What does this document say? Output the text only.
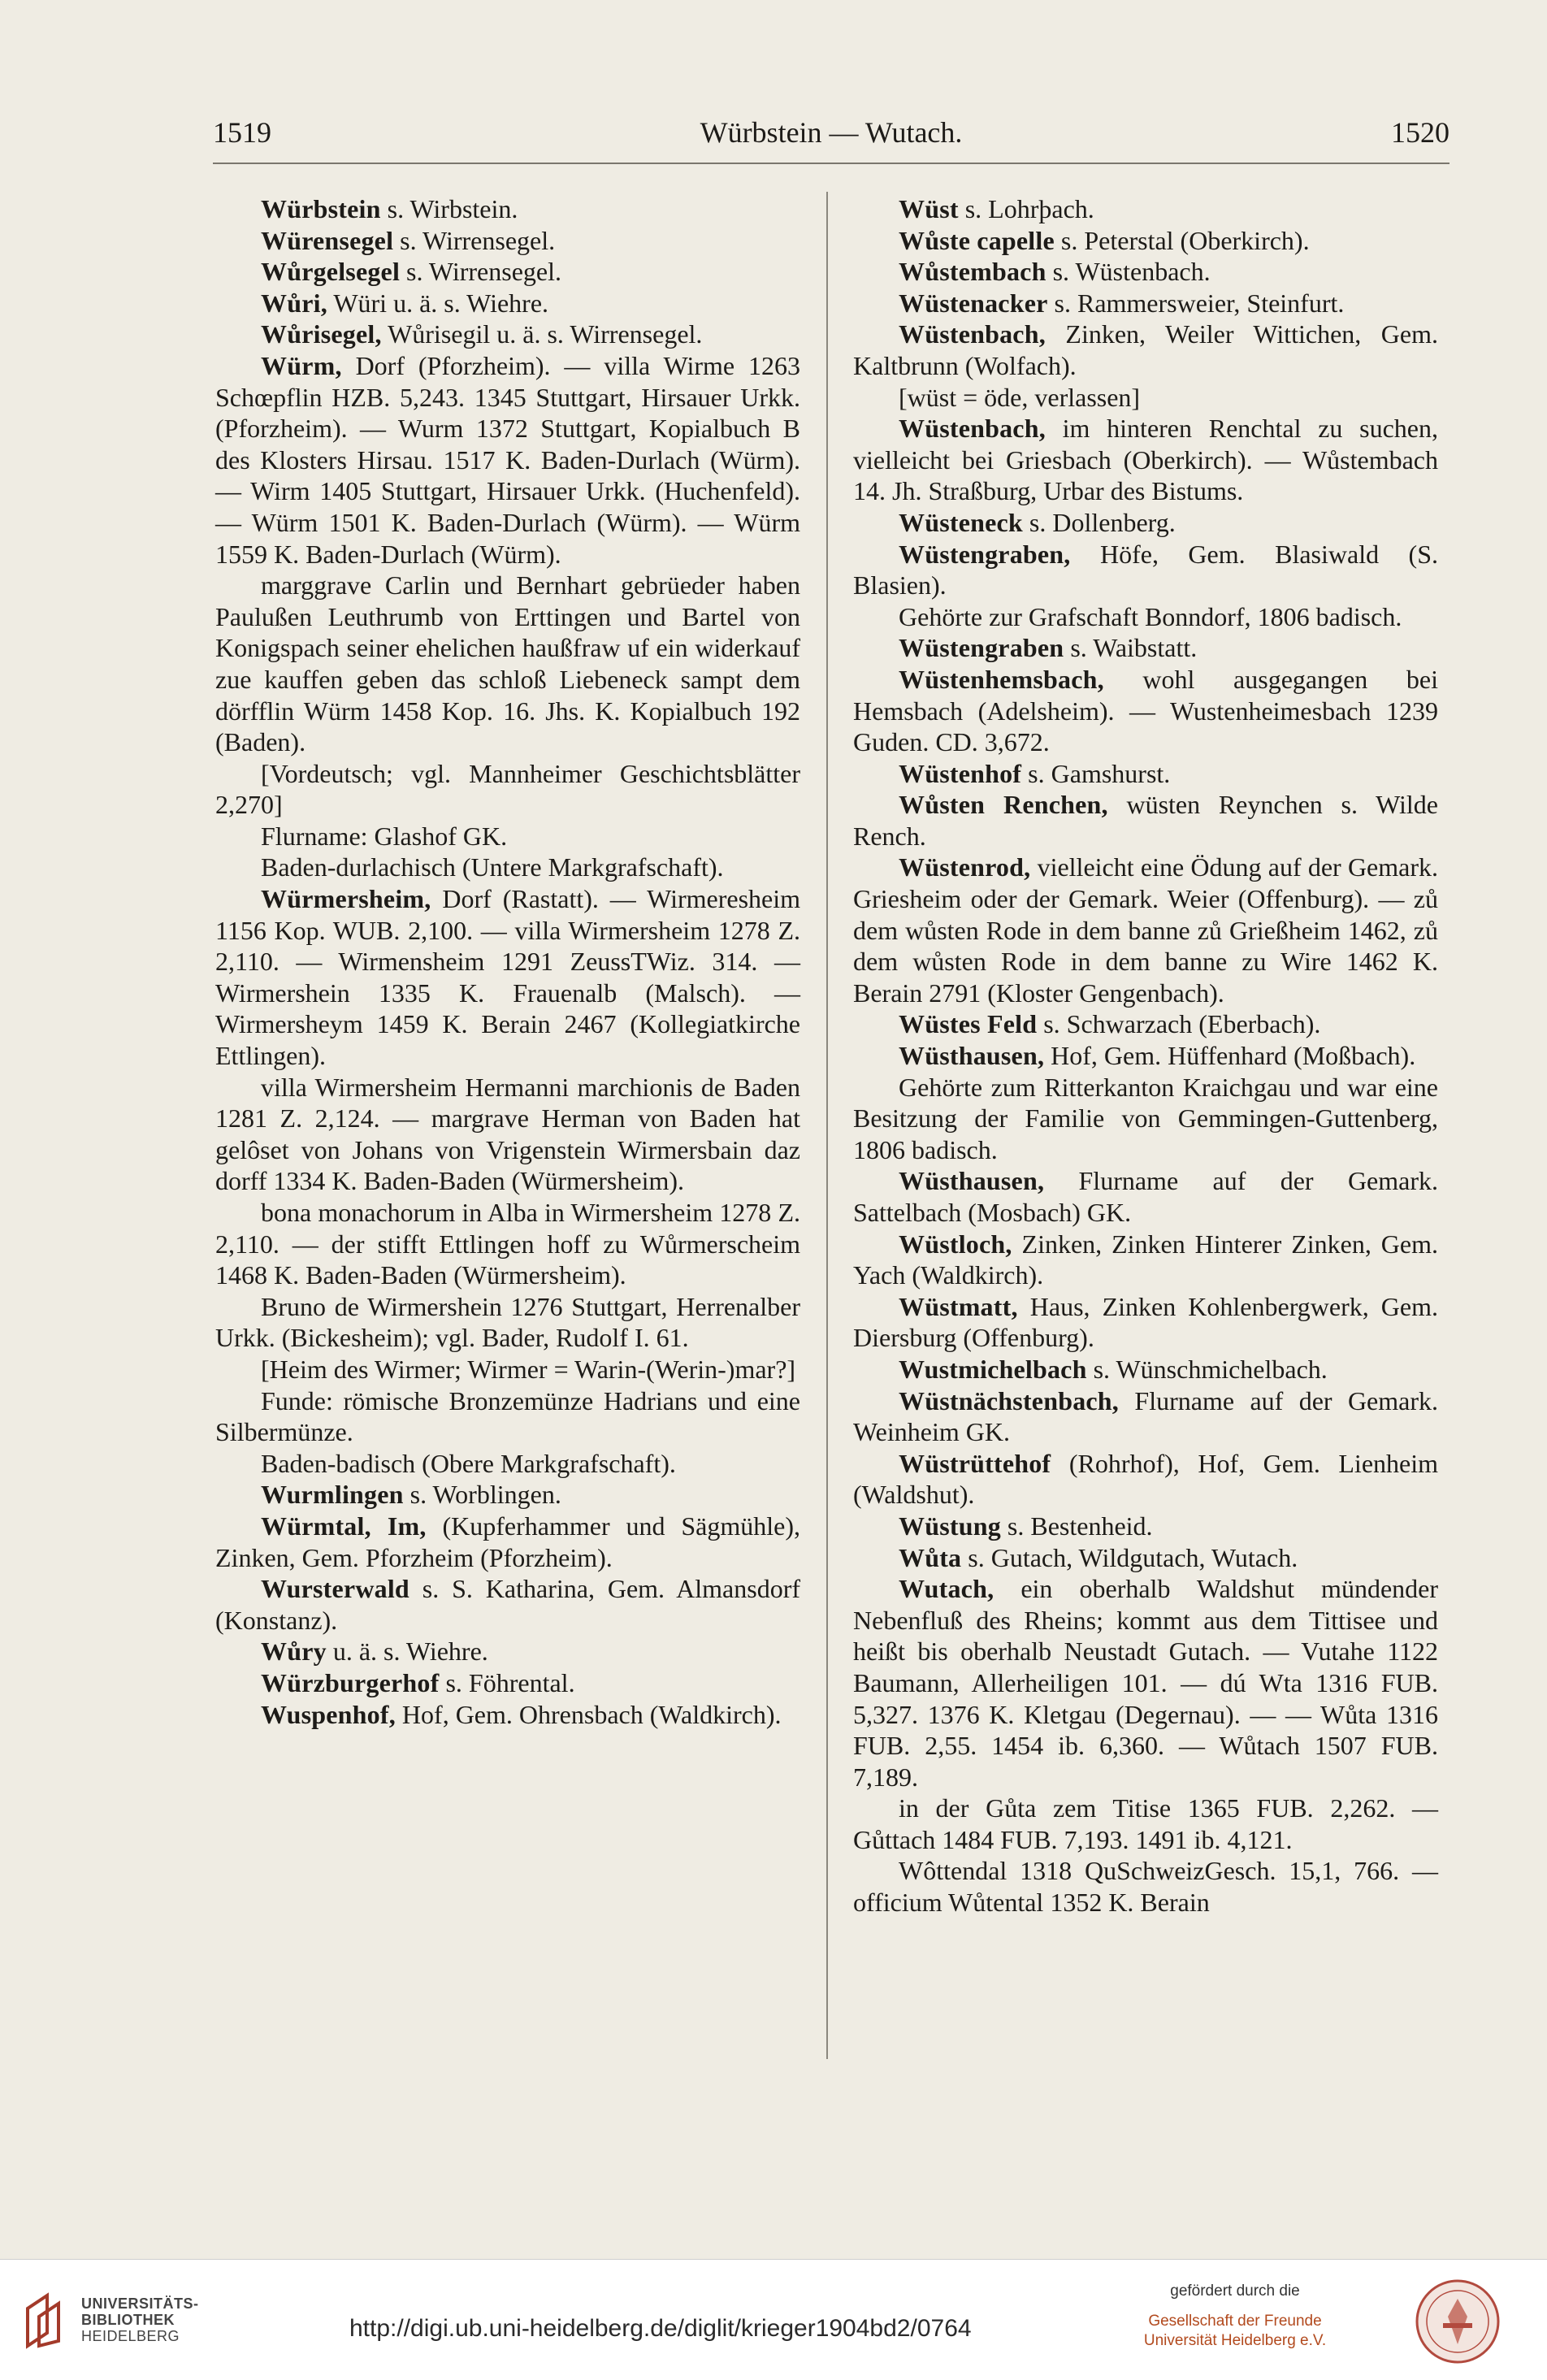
1519	Würbstein — Wutach.	1520

Würbstein s. Wirbstein.

Würensegel s. Wirrensegel.

Wůrgelsegel s. Wirrensegel.

Wůri, Würi u. ä. s. Wiehre.

Wůrisegel, Wůrisegil u. ä. s. Wirrensegel.

Würm, Dorf (Pforzheim). — villa Wirme 1263 Schœpflin HZB. 5,243. 1345 Stuttgart, Hirsauer Urkk. (Pforzheim). — Wurm 1372 Stuttgart, Kopialbuch B des Klosters Hirsau. 1517 K. Baden-Durlach (Würm). — Wirm 1405 Stuttgart, Hirsauer Urkk. (Huchenfeld). — Würm 1501 K. Baden-Durlach (Würm). — Würm 1559 K. Baden-Durlach (Würm).

marggrave Carlin und Bernhart gebrüeder haben Paulußen Leuthrumb von Erttingen und Bartel von Konigspach seiner ehelichen haußfraw uf ein widerkauf zue kauffen geben das schloß Liebeneck sampt dem dörfflin Würm 1458 Kop. 16. Jhs. K. Kopialbuch 192 (Baden).

[Vordeutsch; vgl. Mannheimer Geschichtsblätter 2,270]

Flurname: Glashof GK.

Baden-durlachisch (Untere Markgrafschaft).

Würmersheim, Dorf (Rastatt). — Wirmeresheim 1156 Kop. WUB. 2,100. — villa Wirmersheim 1278 Z. 2,110. — Wirmensheim 1291 ZeussTWiz. 314. — Wirmershein 1335 K. Frauenalb (Malsch). — Wirmersheym 1459 K. Berain 2467 (Kollegiatkirche Ettlingen).

villa Wirmersheim Hermanni marchionis de Baden 1281 Z. 2,124. — margrave Herman von Baden hat gelôset von Johans von Vrigenstein Wirmersbain daz dorff 1334 K. Baden-Baden (Würmersheim).

bona monachorum in Alba in Wirmersheim 1278 Z. 2,110. — der stifft Ettlingen hoff zu Wůrmerscheim 1468 K. Baden-Baden (Würmersheim).

Bruno de Wirmershein 1276 Stuttgart, Herrenalber Urkk. (Bickesheim); vgl. Bader, Rudolf I. 61.

[Heim des Wirmer; Wirmer = Warin-(Werin-)mar?]

Funde: römische Bronzemünze Hadrians und eine Silbermünze.

Baden-badisch (Obere Markgrafschaft).

Wurmlingen s. Worblingen.

Würmtal, Im, (Kupferhammer und Sägmühle), Zinken, Gem. Pforzheim (Pforzheim).

Wursterwald s. S. Katharina, Gem. Almansdorf (Konstanz).

Wůry u. ä. s. Wiehre.

Würzburgerhof s. Föhrental.

Wuspenhof, Hof, Gem. Ohrensbach (Waldkirch).

Wüst s. Lohrþach.

Wůste capelle s. Peterstal (Oberkirch).

Wůstembach s. Wüstenbach.

Wüstenacker s. Rammersweier, Steinfurt.

Wüstenbach, Zinken, Weiler Wittichen, Gem. Kaltbrunn (Wolfach).

[wüst = öde, verlassen]

Wüstenbach, im hinteren Renchtal zu suchen, vielleicht bei Griesbach (Oberkirch). — Wůstembach 14. Jh. Straßburg, Urbar des Bistums.

Wüsteneck s. Dollenberg.

Wüstengraben, Höfe, Gem. Blasiwald (S. Blasien).

Gehörte zur Grafschaft Bonndorf, 1806 badisch.

Wüstengraben s. Waibstatt.

Wüstenhemsbach, wohl ausgegangen bei Hemsbach (Adelsheim). — Wustenheimesbach 1239 Guden. CD. 3,672.

Wüstenhof s. Gamshurst.

Wůsten Renchen, wüsten Reynchen s. Wilde Rench.

Wüstenrod, vielleicht eine Ödung auf der Gemark. Griesheim oder der Gemark. Weier (Offenburg). — zů dem wůsten Rode in dem banne zů Grießheim 1462, zů dem wůsten Rode in dem banne zu Wire 1462 K. Berain 2791 (Kloster Gengenbach).

Wüstes Feld s. Schwarzach (Eberbach).

Wüsthausen, Hof, Gem. Hüffenhard (Moßbach).

Gehörte zum Ritterkanton Kraichgau und war eine Besitzung der Familie von Gemmingen-Guttenberg, 1806 badisch.

Wüsthausen, Flurname auf der Gemark. Sattelbach (Mosbach) GK.

Wüstloch, Zinken, Zinken Hinterer Zinken, Gem. Yach (Waldkirch).

Wüstmatt, Haus, Zinken Kohlenbergwerk, Gem. Diersburg (Offenburg).

Wustmichelbach s. Wünschmichelbach.

Wüstnächstenbach, Flurname auf der Gemark. Weinheim GK.

Wüstrüttehof (Rohrhof), Hof, Gem. Lienheim (Waldshut).

Wüstung s. Bestenheid.

Wůta s. Gutach, Wildgutach, Wutach.

Wutach, ein oberhalb Waldshut mündender Nebenfluß des Rheins; kommt aus dem Tittisee und heißt bis oberhalb Neustadt Gutach. — Vutahe 1122 Baumann, Allerheiligen 101. — dú Wta 1316 FUB. 5,327. 1376 K. Kletgau (Degernau). — — Wůta 1316 FUB. 2,55. 1454 ib. 6,360. — Wůtach 1507 FUB. 7,189.

in der Gůta zem Titise 1365 FUB. 2,262. — Gůttach 1484 FUB. 7,193. 1491 ib. 4,121.

Wôttendal 1318 QuSchweizGesch. 15,1, 766. — officium Wůtental 1352 K. Berain

UNIVERSITÄTS-
BIBLIOTHEK
HEIDELBERG	http://digi.ub.uni-heidelberg.de/diglit/krieger1904bd2/0764
gefördert durch die
Gesellschaft der Freunde
Universität Heidelberg e.V.
